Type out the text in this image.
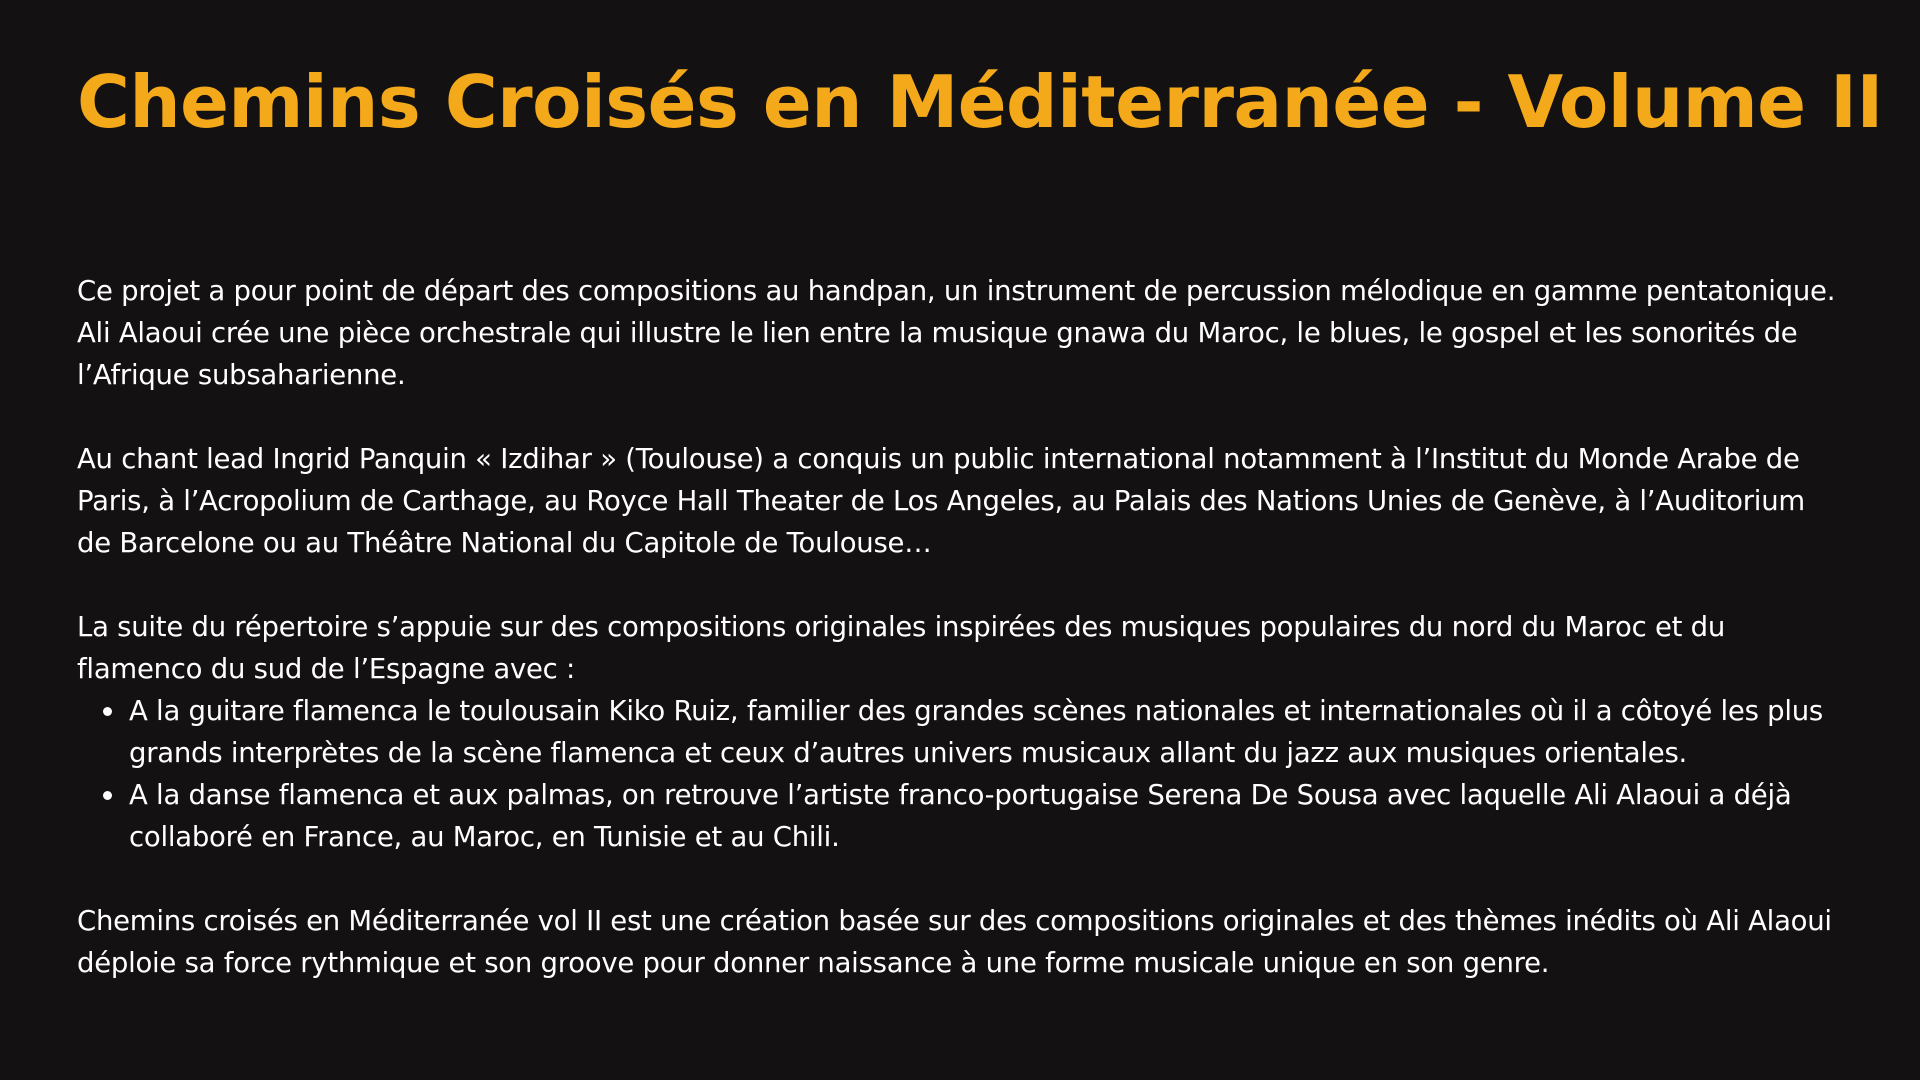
Chemins Croisés en Méditerranée - Volume II

Ce projet a pour point de départ des compositions au handpan, un instrument de percussion mélodique en gamme pentatonique. Ali Alaoui crée une pièce orchestrale qui illustre le lien entre la musique gnawa du Maroc, le blues, le gospel et les sonorités de l’Afrique subsaharienne.

Au chant lead Ingrid Panquin « Izdihar » (Toulouse) a conquis un public international notamment à l’Institut du Monde Arabe de Paris, à l’Acropolium de Carthage, au Royce Hall Theater de Los Angeles, au Palais des Nations Unies de Genève, à l’Auditorium de Barcelone ou au Théâtre National du Capitole de Toulouse…

La suite du répertoire s’appuie sur des compositions originales inspirées des musiques populaires du nord du Maroc et du flamenco du sud de l’Espagne avec :

A la guitare flamenca le toulousain Kiko Ruiz, familier des grandes scènes nationales et internationales où il a côtoyé les plus grands interprètes de la scène flamenca et ceux d’autres univers musicaux allant du jazz aux musiques orientales.
A la danse flamenca et aux palmas, on retrouve l’artiste franco-portugaise Serena De Sousa avec laquelle Ali Alaoui a déjà collaboré en France, au Maroc, en Tunisie et au Chili.

Chemins croisés en Méditerranée vol II est une création basée sur des compositions originales et des thèmes inédits où Ali Alaoui déploie sa force rythmique et son groove pour donner naissance à une forme musicale unique en son genre.
